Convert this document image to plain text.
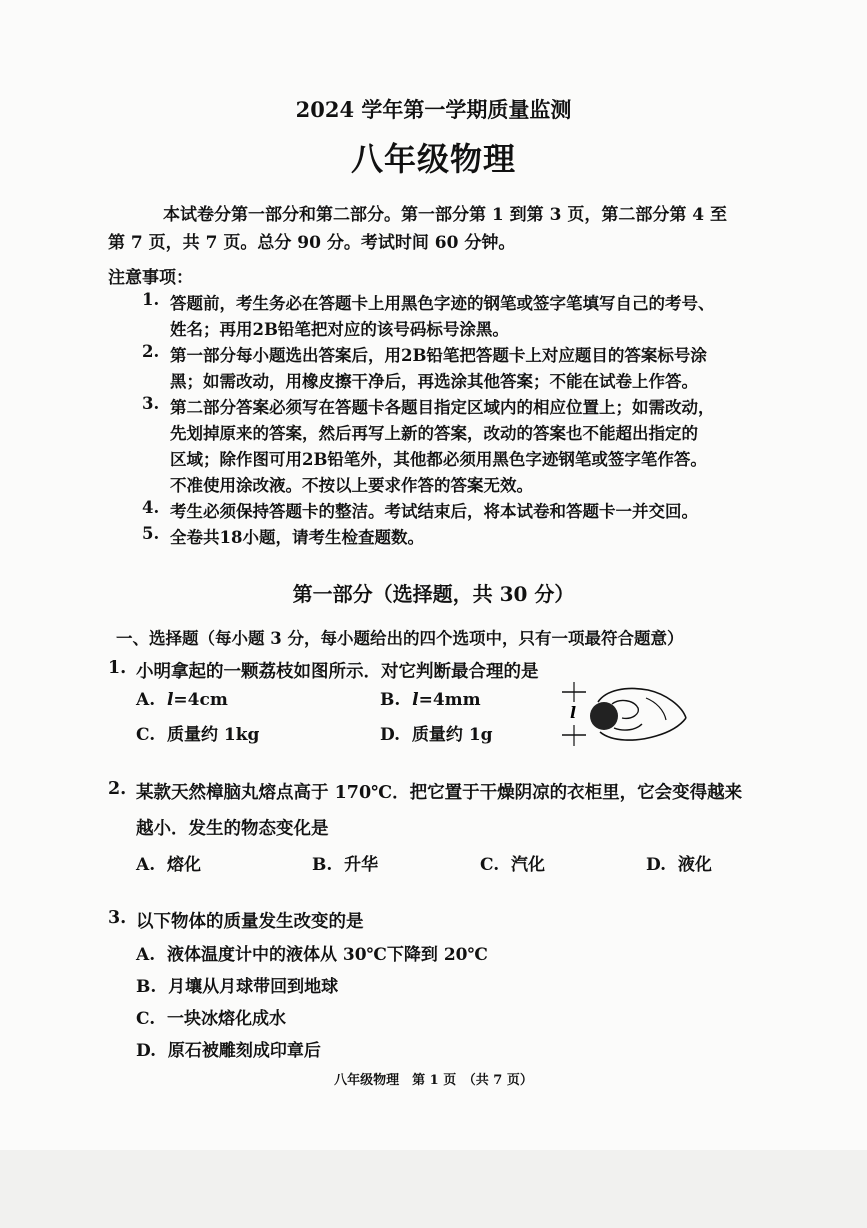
2024 学年第一学期质量监测
八年级物理
本试卷分第一部分和第二部分。第一部分第 1 到第 3 页，第二部分第 4 至
第 7 页，共 7 页。总分 90 分。考试时间 60 分钟。
注意事项：
1. 答题前，考生务必在答题卡上用黑色字迹的钢笔或签字笔填写自己的考号、
姓名；再用2B铅笔把对应的该号码标号涂黑。
2. 第一部分每小题选出答案后，用2B铅笔把答题卡上对应题目的答案标号涂
黑；如需改动，用橡皮擦干净后，再选涂其他答案；不能在试卷上作答。
3. 第二部分答案必须写在答题卡各题目指定区域内的相应位置上；如需改动，
先划掉原来的答案，然后再写上新的答案，改动的答案也不能超出指定的
区域；除作图可用2B铅笔外，其他都必须用黑色字迹钢笔或签字笔作答。
不准使用涂改液。不按以上要求作答的答案无效。
4. 考生必须保持答题卡的整洁。考试结束后，将本试卷和答题卡一并交回。
5. 全卷共18小题，请考生检查题数。
第一部分（选择题，共 30 分）
一、选择题（每小题 3 分，每小题给出的四个选项中，只有一项最符合题意）
1. 小明拿起的一颗荔枝如图所示．对它判断最合理的是
A. l=4cm	B. l=4mm
C. 质量约 1kg	D. 质量约 1g
l
2. 某款天然樟脑丸熔点高于 170℃．把它置于干燥阴凉的衣柜里，它会变得越来
越小．发生的物态变化是
A. 熔化	B. 升华	C. 汽化	D. 液化
3. 以下物体的质量发生改变的是
A. 液体温度计中的液体从 30℃下降到 20℃
B. 月壤从月球带回到地球
C. 一块冰熔化成水
D. 原石被雕刻成印章后
八年级物理　第 1 页　（共 7 页）
